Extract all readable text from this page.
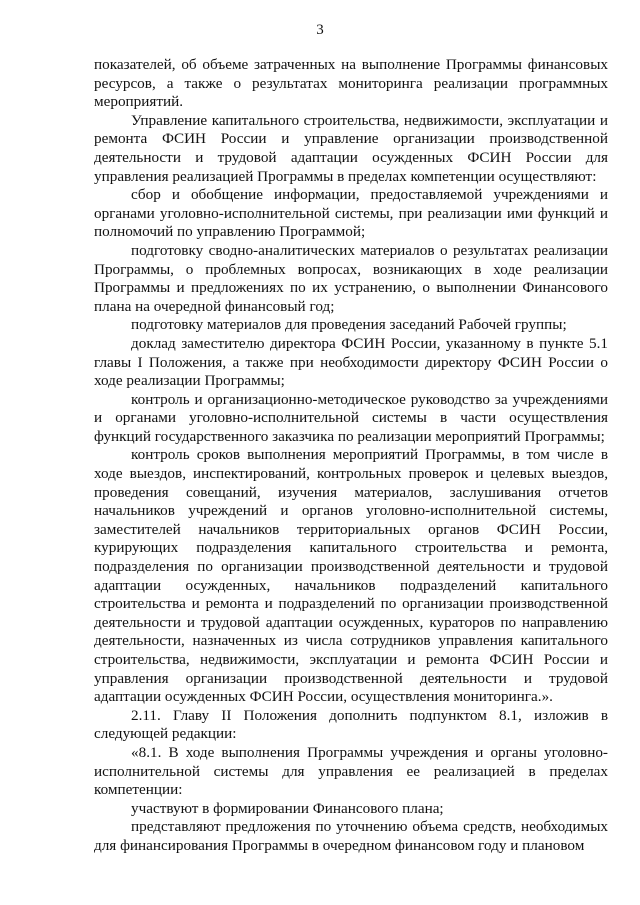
3

показателей, об объеме затраченных на выполнение Программы финансовых ресурсов, а также о результатах мониторинга реализации программных мероприятий.

Управление капитального строительства, недвижимости, эксплуатации и ремонта ФСИН России и управление организации производственной деятельности и трудовой адаптации осужденных ФСИН России для управления реализацией Программы в пределах компетенции осуществляют:

сбор и обобщение информации, предоставляемой учреждениями и органами уголовно-исполнительной системы, при реализации ими функций и полномочий по управлению Программой;

подготовку сводно-аналитических материалов о результатах реализации Программы, о проблемных вопросах, возникающих в ходе реализации Программы и предложениях по их устранению, о выполнении Финансового плана на очередной финансовый год;

подготовку материалов для проведения заседаний Рабочей группы;

доклад заместителю директора ФСИН России, указанному в пункте 5.1 главы I Положения, а также при необходимости директору ФСИН России о ходе реализации Программы;

контроль и организационно-методическое руководство за учреждениями и органами уголовно-исполнительной системы в части осуществления функций государственного заказчика по реализации мероприятий Программы;

контроль сроков выполнения мероприятий Программы, в том числе в ходе выездов, инспектирований, контрольных проверок и целевых выездов, проведения совещаний, изучения материалов, заслушивания отчетов начальников учреждений и органов уголовно-исполнительной системы, заместителей начальников территориальных органов ФСИН России, курирующих подразделения капитального строительства и ремонта, подразделения по организации производственной деятельности и трудовой адаптации осужденных, начальников подразделений капитального строительства и ремонта и подразделений по организации производственной деятельности и трудовой адаптации осужденных, кураторов по направлению деятельности, назначенных из числа сотрудников управления капитального строительства, недвижимости, эксплуатации и ремонта ФСИН России и управления организации производственной деятельности и трудовой адаптации осужденных ФСИН России, осуществления мониторинга.».

2.11. Главу II Положения дополнить подпунктом 8.1, изложив в следующей редакции:

«8.1. В ходе выполнения Программы учреждения и органы уголовно-исполнительной системы для управления ее реализацией в пределах компетенции:

участвуют в формировании Финансового плана;

представляют предложения по уточнению объема средств, необходимых для финансирования Программы в очередном финансовом году и плановом
